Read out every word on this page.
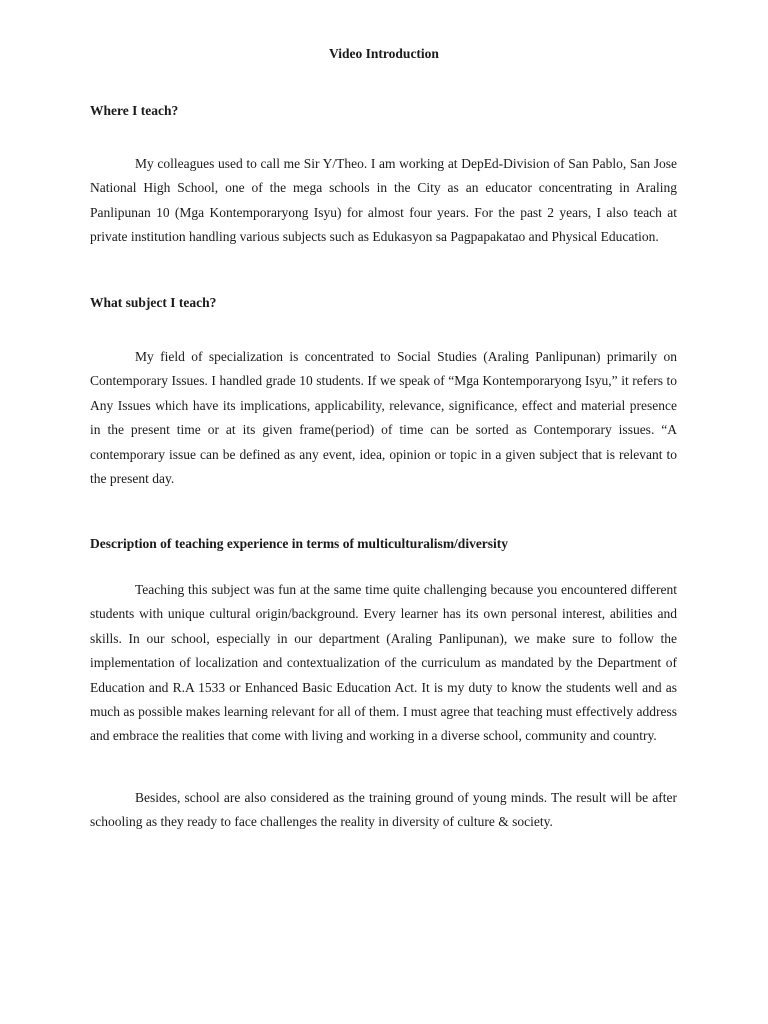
Video Introduction
Where I teach?

My colleagues used to call me Sir Y/Theo. I am working at DepEd-Division of San Pablo, San Jose National High School, one of the mega schools in the City as an educator concentrating in Araling Panlipunan 10 (Mga Kontemporaryong Isyu) for almost four years. For the past 2 years, I also teach at private institution handling various subjects such as Edukasyon sa Pagpapakatao and Physical Education.

What subject I teach?

My field of specialization is concentrated to Social Studies (Araling Panlipunan) primarily on Contemporary Issues. I handled grade 10 students. If we speak of “Mga Kontemporaryong Isyu,” it refers to Any Issues which have its implications, applicability, relevance, significance, effect and material presence in the present time or at its given frame(period) of time can be sorted as Contemporary issues. “A contemporary issue can be defined as any event, idea, opinion or topic in a given subject that is relevant to the present day.

Description of teaching experience in terms of multiculturalism/diversity

Teaching this subject was fun at the same time quite challenging because you encountered different students with unique cultural origin/background. Every learner has its own personal interest, abilities and skills. In our school, especially in our department (Araling Panlipunan), we make sure to follow the implementation of localization and contextualization of the curriculum as mandated by the Department of Education and R.A 1533 or Enhanced Basic Education Act. It is my duty to know the students well and as much as possible makes learning relevant for all of them. I must agree that teaching must effectively address and embrace the realities that come with living and working in a diverse school, community and country.

Besides, school are also considered as the training ground of young minds. The result will be after schooling as they ready to face challenges the reality in diversity of culture & society.
